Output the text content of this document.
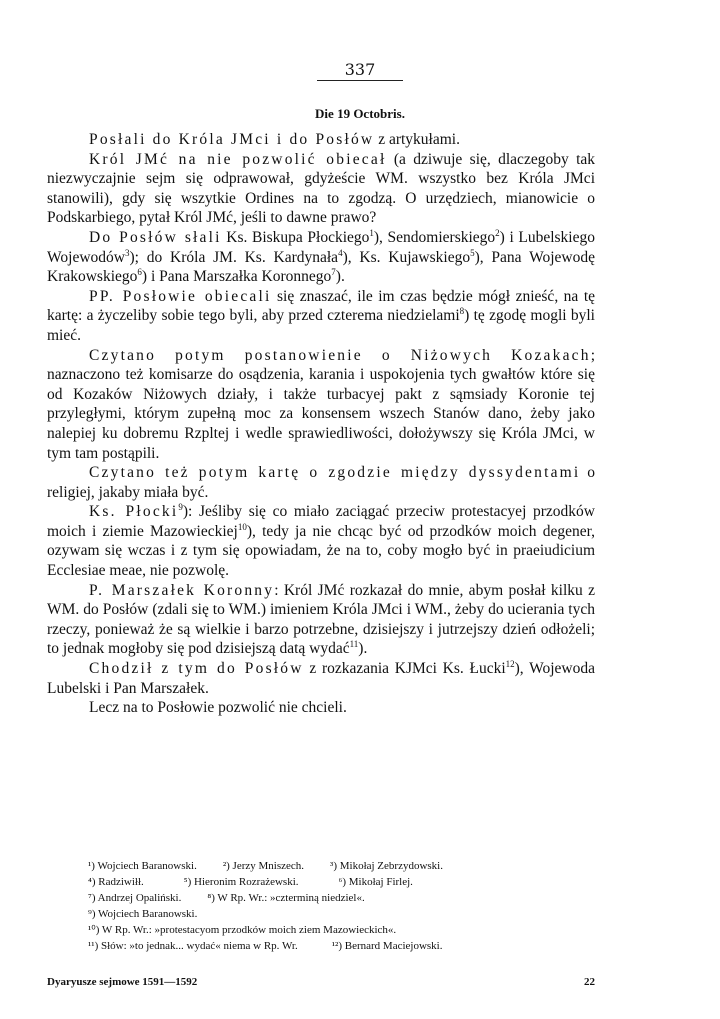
337
Die 19 Octobris.

Posłali do Króla JMci i do Posłów z artykułami.

Król JMć na nie pozwolić obiecał (a dziwuje się, dlaczegoby tak niezwyczajnie sejm się odprawował, gdyżeście WM. wszystko bez Króla JMci stanowili), gdy się wszytkie Ordines na to zgodzą. O urzędziech, mianowicie o Podskarbiego, pytał Król JMć, jeśli to dawne prawo?

Do Posłów słali Ks. Biskupa Płockiego$^1$), Sendomierskiego$^2$) i Lubelskiego Wojewodów$^3$); do Króla JM. Ks. Kardynała$^4$), Ks. Kujawskiego$^5$), Pana Wojewodę Krakowskiego$^6$) i Pana Marszałka Koronnego$^7$).

PP. Posłowie obiecali się znaszać, ile im czas będzie mógł znieść, na tę kartę: a życzeliby sobie tego byli, aby przed czterema niedzielami$^8$) tę zgodę mogli byli mieć.

Czytano potym postanowienie o Niżowych Kozakach; naznaczono też komisarze do osądzenia, karania i uspokojenia tych gwałtów które się od Kozaków Niżowych działy, i także turbacyej pakt z sąmsiady Koronie tej przyległymi, którym zupełną moc za konsensem wszech Stanów dano, żeby jako nalepiej ku dobremu Rzpltej i wedle sprawiedliwości, dołożywszy się Króla JMci, w tym tam postąpili.

Czytano też potym kartę o zgodzie między dyssydentami o religiej, jakaby miała być.

Ks. Płocki$^9$): Jeśliby się co miało zaciągać przeciw protestacyej przodków moich i ziemie Mazowieckiej$^{10}$), tedy ja nie chcąc być od przodków moich degener, ozywam się wczas i z tym się opowiadam, że na to, coby mogło być in praeiudicium Ecclesiae meae, nie pozwolę.

P. Marszałek Koronny: Król JMć rozkazał do mnie, abym posłał kilku z WM. do Posłów (zdali się to WM.) imieniem Króla JMci i WM., żeby do ucierania tych rzeczy, ponieważ że są wielkie i barzo potrzebne, dzisiejszy i jutrzejszy dzień odłożeli; to jednak mogłoby się pod dzisiejszą datą wydać$^{11}$).

Chodził z tym do Posłów z rozkazania KJMci Ks. Łucki$^{12}$), Wojewoda Lubelski i Pan Marszałek.

Lecz na to Posłowie pozwolić nie chcieli.

¹) Wojciech Baranowski. ²) Jerzy Mniszech. ³) Mikołaj Zebrzydowski.
⁴) Radziwiłł.	⁵) Hieronim Rozrażewski.	⁶) Mikołaj Firlej.
⁷) Andrzej Opaliński. ⁸) W Rp. Wr.: »czterminą niedziel«.
⁹) Wojciech Baranowski.
¹⁰) W Rp. Wr.: »protestacyom przodków moich ziem Mazowieckich«.
¹¹) Słów: »to jednak... wydać« niema w Rp. Wr.	¹²) Bernard Maciejowski.
Dyaryusze sejmowe 1591—1592	22
